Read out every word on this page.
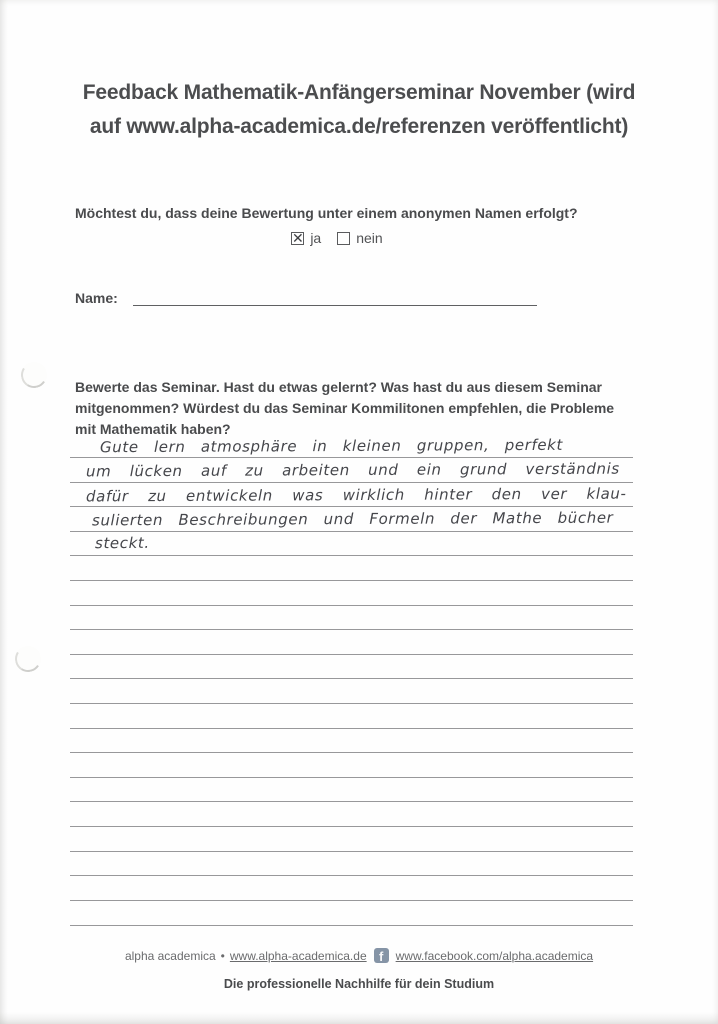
Feedback Mathematik-Anfängerseminar November (wird
auf www.alpha-academica.de/referenzen veröffentlicht)
Möchtest du, dass deine Bewertung unter einem anonymen Namen erfolgt?
✕ ja	nein
Name:
Bewerte das Seminar. Hast du etwas gelernt? Was hast du aus diesem Seminar mitgenommen? Würdest du das Seminar Kommilitonen empfehlen, die Probleme mit Mathematik haben?
Gute lern atmosphäre in kleinen gruppen, perfekt
um lücken auf zu arbeiten und ein grund verständnis
dafür zu entwickeln was wirklich hinter den ver klau-
sulierten Beschreibungen und Formeln der Mathe bücher
steckt.
alpha academica • www.alpha-academica.de f	www.facebook.com/alpha.academica
Die professionelle Nachhilfe für dein Studium
